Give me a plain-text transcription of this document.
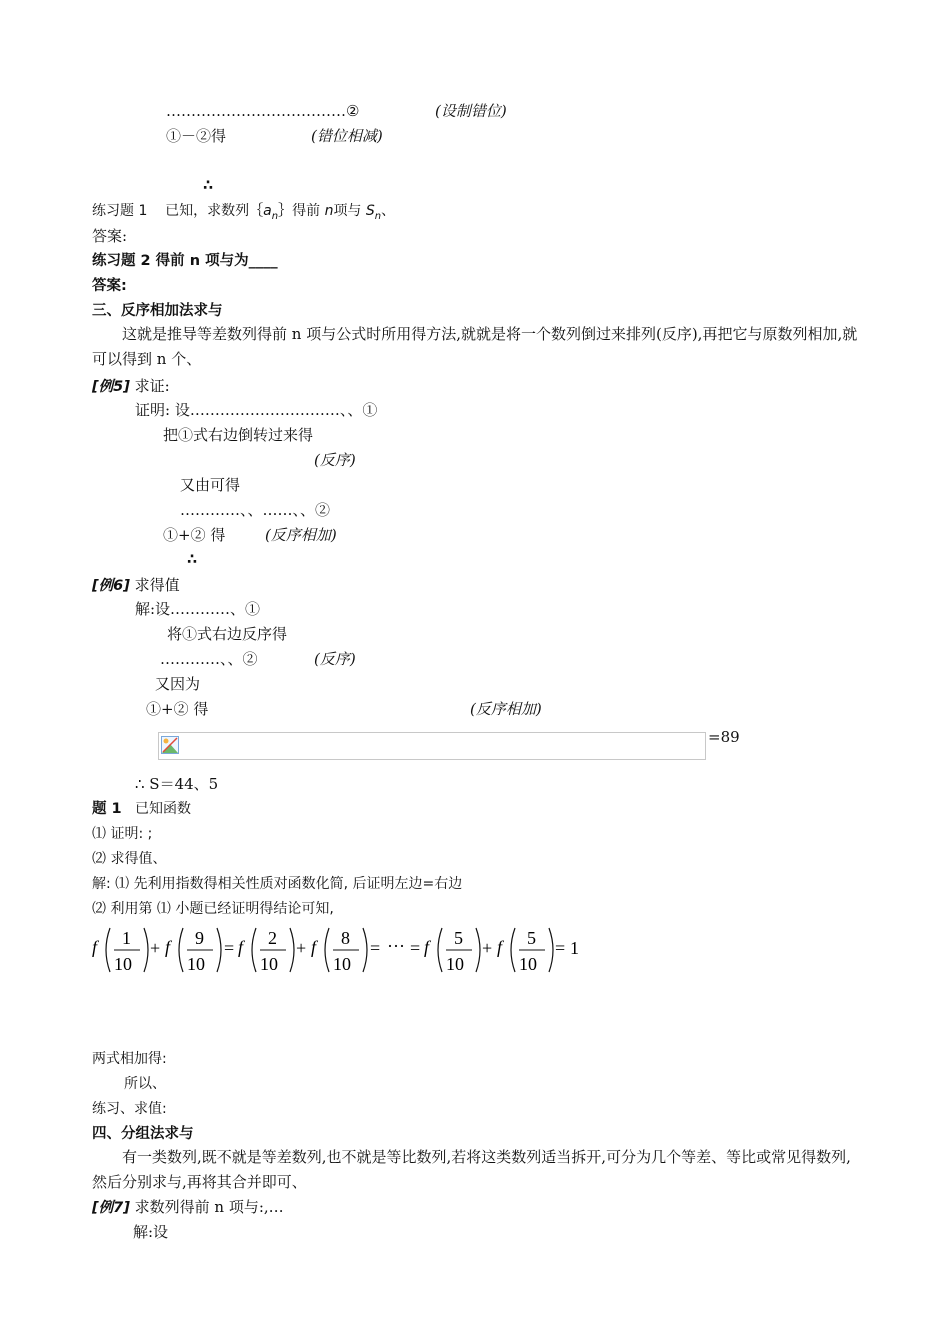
………………………………②	(设制错位)
①－②得	(错位相减)
∴
练习题 1 已知，求数列$\{a_n\}$得前 n项与 $S_n$、
答案:
练习题 2 得前 n 项与为____
答案:
三、反序相加法求与
这就是推导等差数列得前 n 项与公式时所用得方法,就就是将一个数列倒过来排列(反序),再把它与原数列相加,就可以得到 n 个、
[例5] 求证:
证明: 设…………………………、、①
把①式右边倒转过来得
(反序)
又由可得
…………、、……、、②
①+② 得	(反序相加)
∴
[例6] 求得值
解:设…………、①
将①式右边反序得
…………、、②	(反序)
又因为
①+② 得	(反序相加)
=89
∴ S＝44、5
题 1 已知函数
⑴ 证明: ;
⑵ 求得值、
解: ⑴ 先利用指数得相关性质对函数化简, 后证明左边=右边
⑵ 利用第 ⑴ 小题已经证明得结论可知,
f 1
10
+ f 9
10
= f 2
10
+ f 8
10
= ··· = f 5
10
+ f 5
10
= 1
两式相加得:
所以、
练习、求值:
四、分组法求与
有一类数列,既不就是等差数列,也不就是等比数列,若将这类数列适当拆开,可分为几个等差、等比或常见得数列,然后分别求与,再将其合并即可、
[例7] 求数列得前 n 项与:,…
解:设
